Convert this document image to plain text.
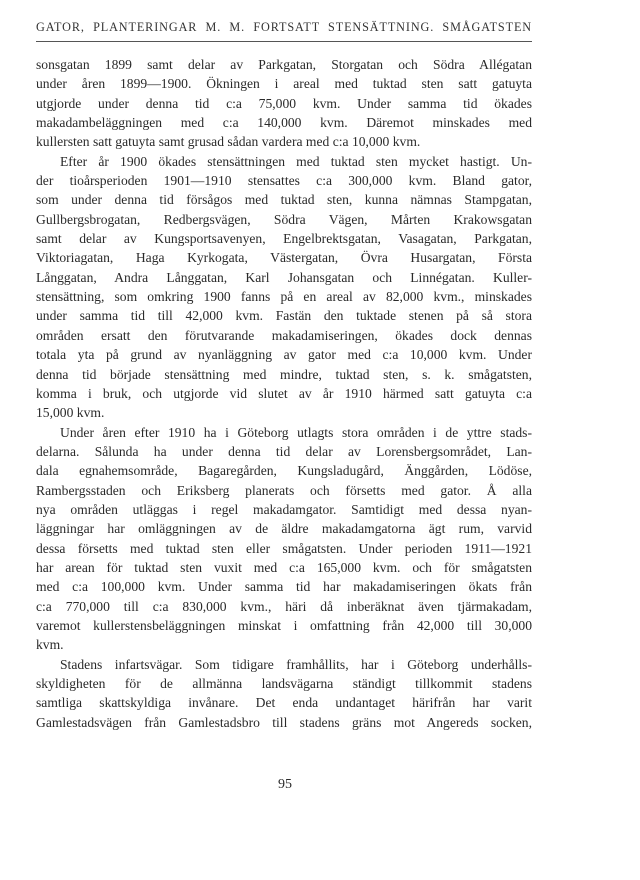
GATOR, PLANTERINGAR M. M. FORTSATT STENSÄTTNING. SMÅGATSTEN
sonsgatan 1899 samt delar av Parkgatan, Storgatan och Södra Allégatan
under åren 1899—1900. Ökningen i areal med tuktad sten satt gatuyta
utgjorde under denna tid c:a 75,000 kvm. Under samma tid ökades
makadambeläggningen med c:a 140,000 kvm. Däremot minskades med
kullersten satt gatuyta samt grusad sådan vardera med c:a 10,000 kvm.
Efter år 1900 ökades stensättningen med tuktad sten mycket hastigt. Un-
der tioårsperioden 1901—1910 stensattes c:a 300,000 kvm. Bland gator,
som under denna tid försågos med tuktad sten, kunna nämnas Stampgatan,
Gullbergsbrogatan, Redbergsvägen, Södra Vägen, Mårten Krakowsgatan
samt delar av Kungsportsavenyen, Engelbrektsgatan, Vasagatan, Parkgatan,
Viktoriagatan, Haga Kyrkogata, Västergatan, Övra Husargatan, Första
Långgatan, Andra Långgatan, Karl Johansgatan och Linnégatan. Kuller-
stensättning, som omkring 1900 fanns på en areal av 82,000 kvm., minskades
under samma tid till 42,000 kvm. Fastän den tuktade stenen på så stora
områden ersatt den förutvarande makadamiseringen, ökades dock dennas
totala yta på grund av nyanläggning av gator med c:a 10,000 kvm. Under
denna tid började stensättning med mindre, tuktad sten, s. k. smågatsten,
komma i bruk, och utgjorde vid slutet av år 1910 härmed satt gatuyta c:a
15,000 kvm.
Under åren efter 1910 ha i Göteborg utlagts stora områden i de yttre stads-
delarna. Sålunda ha under denna tid delar av Lorensbergsområdet, Lan-
dala egnahemsområde, Bagaregården, Kungsladugård, Änggården, Lödöse,
Rambergsstaden och Eriksberg planerats och försetts med gator. Å alla
nya områden utläggas i regel makadamgator. Samtidigt med dessa nyan-
läggningar har omläggningen av de äldre makadamgatorna ägt rum, varvid
dessa försetts med tuktad sten eller smågatsten. Under perioden 1911—1921
har arean för tuktad sten vuxit med c:a 165,000 kvm. och för smågatsten
med c:a 100,000 kvm. Under samma tid har makadamiseringen ökats från
c:a 770,000 till c:a 830,000 kvm., häri då inberäknat även tjärmakadam,
varemot kullerstensbeläggningen minskat i omfattning från 42,000 till 30,000
kvm.
Stadens infartsvägar. Som tidigare framhållits, har i Göteborg underhålls-
skyldigheten för de allmänna landsvägarna ständigt tillkommit stadens
samtliga skattskyldiga invånare. Det enda undantaget härifrån har varit
Gamlestadsvägen från Gamlestadsbro till stadens gräns mot Angereds socken,
95
